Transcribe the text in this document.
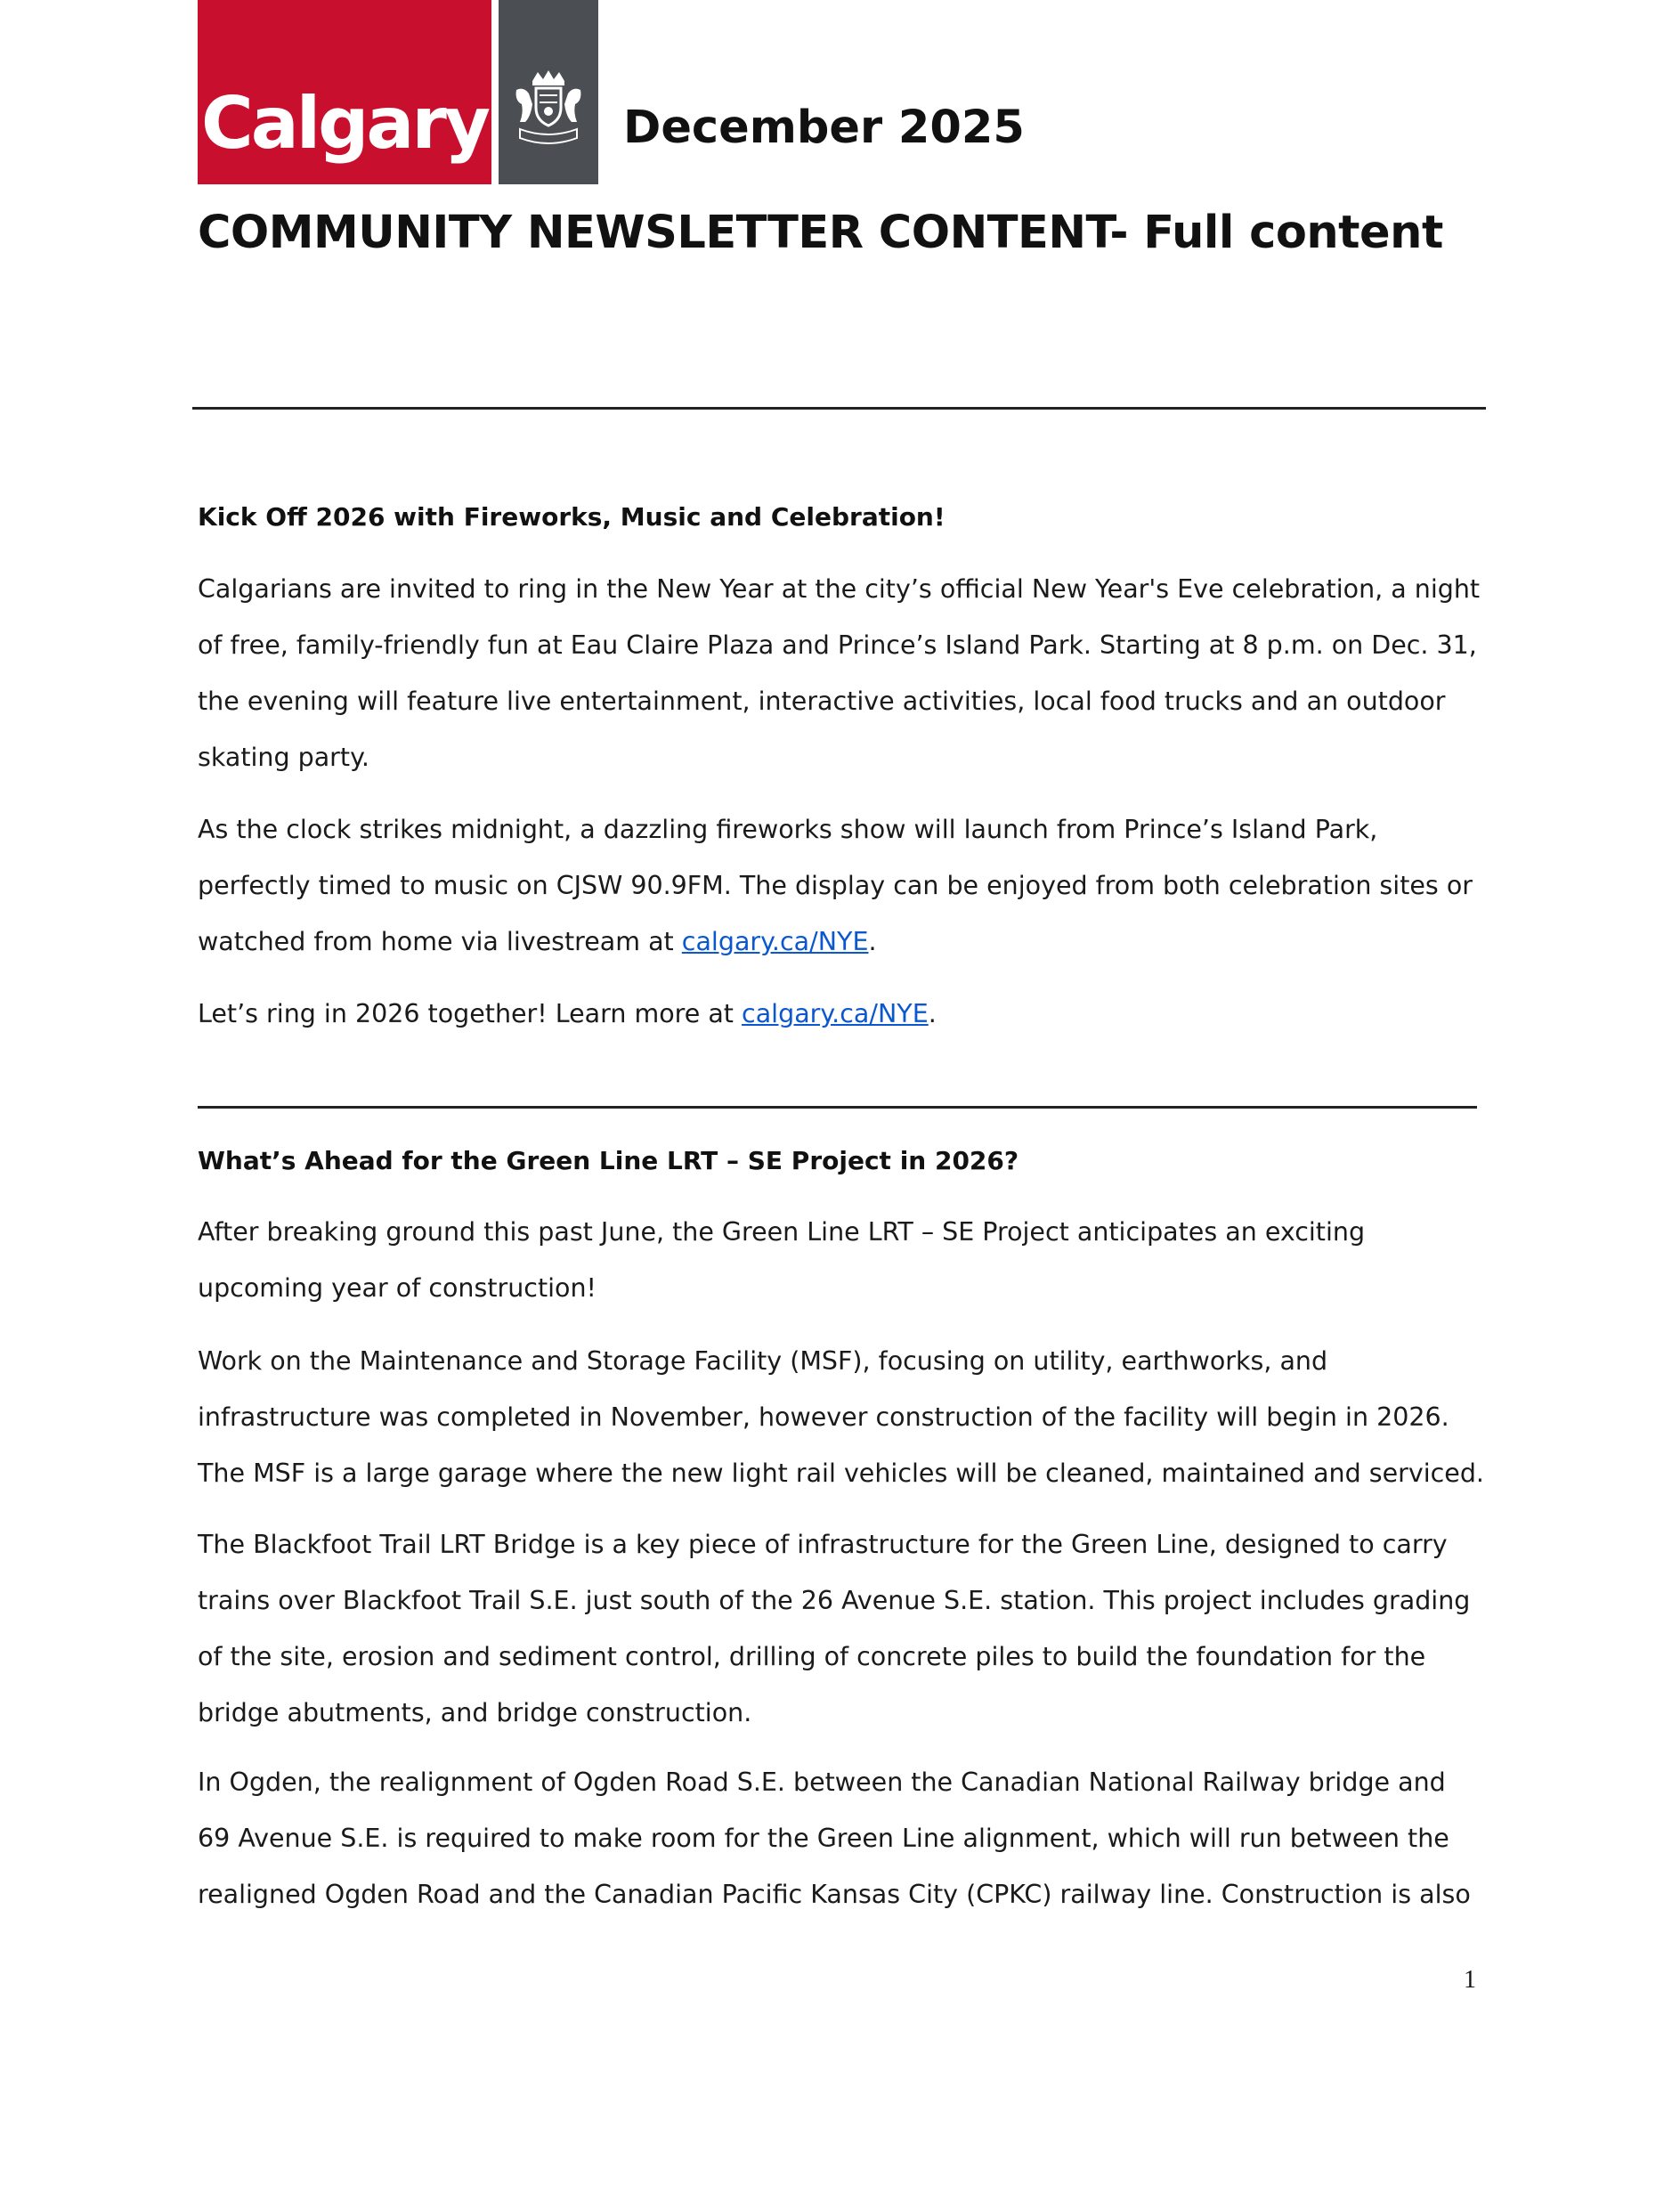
Calgary	December 2025
COMMUNITY NEWSLETTER CONTENT- Full content
Kick Off 2026 with Fireworks, Music and Celebration!

Calgarians are invited to ring in the New Year at the city’s official New Year's Eve celebration, a night of free, family-friendly fun at Eau Claire Plaza and Prince’s Island Park. Starting at 8 p.m. on Dec. 31, the evening will feature live entertainment, interactive activities, local food trucks and an outdoor skating party.

As the clock strikes midnight, a dazzling fireworks show will launch from Prince’s Island Park, perfectly timed to music on CJSW 90.9FM. The display can be enjoyed from both celebration sites or watched from home via livestream at calgary.ca/NYE.

Let’s ring in 2026 together! Learn more at calgary.ca/NYE.

What’s Ahead for the Green Line LRT – SE Project in 2026?

After breaking ground this past June, the Green Line LRT – SE Project anticipates an exciting upcoming year of construction!

Work on the Maintenance and Storage Facility (MSF), focusing on utility, earthworks, and infrastructure was completed in November, however construction of the facility will begin in 2026. The MSF is a large garage where the new light rail vehicles will be cleaned, maintained and serviced.

The Blackfoot Trail LRT Bridge is a key piece of infrastructure for the Green Line, designed to carry trains over Blackfoot Trail S.E. just south of the 26 Avenue S.E. station. This project includes grading of the site, erosion and sediment control, drilling of concrete piles to build the foundation for the bridge abutments, and bridge construction.

In Ogden, the realignment of Ogden Road S.E. between the Canadian National Railway bridge and 69 Avenue S.E. is required to make room for the Green Line alignment, which will run between the realigned Ogden Road and the Canadian Pacific Kansas City (CPKC) railway line. Construction is also

1
